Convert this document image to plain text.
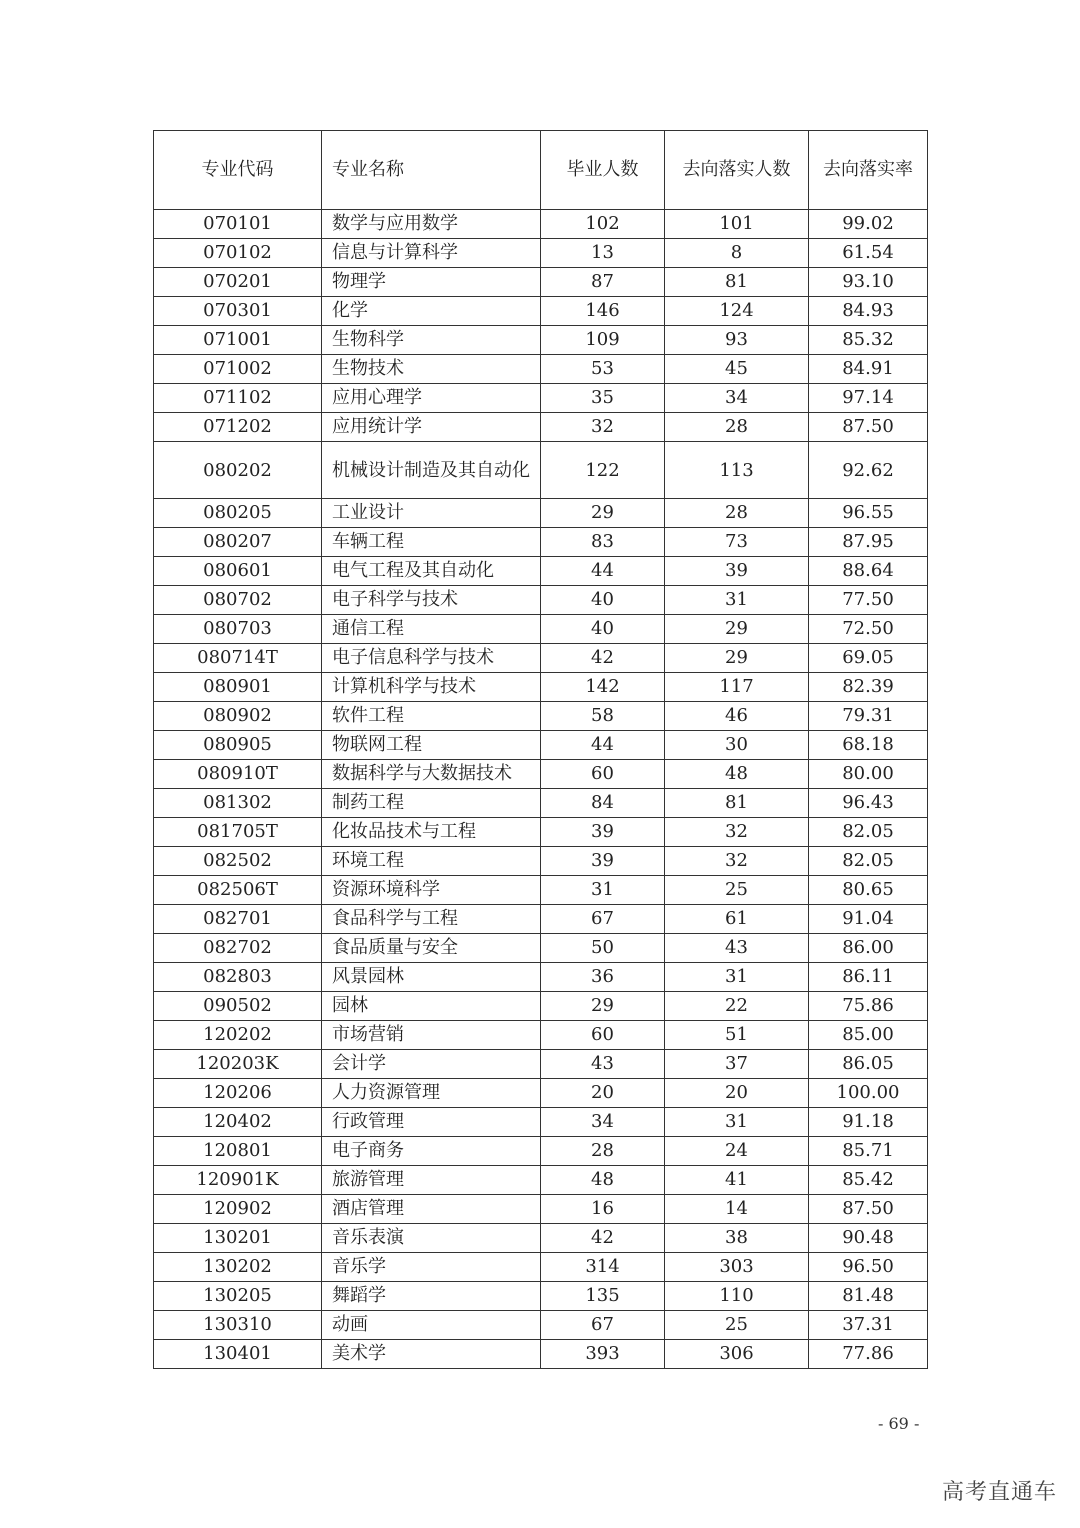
专业代码	专业名称	毕业人数	去向落实人数	去向落实率
070101	数学与应用数学	102	101	99.02
070102	信息与计算科学	13	8	61.54
070201	物理学	87	81	93.10
070301	化学	146	124	84.93
071001	生物科学	109	93	85.32
071002	生物技术	53	45	84.91
071102	应用心理学	35	34	97.14
071202	应用统计学	32	28	87.50
080202	机械设计制造及其自动化	122	113	92.62
080205	工业设计	29	28	96.55
080207	车辆工程	83	73	87.95
080601	电气工程及其自动化	44	39	88.64
080702	电子科学与技术	40	31	77.50
080703	通信工程	40	29	72.50
080714T	电子信息科学与技术	42	29	69.05
080901	计算机科学与技术	142	117	82.39
080902	软件工程	58	46	79.31
080905	物联网工程	44	30	68.18
080910T	数据科学与大数据技术	60	48	80.00
081302	制药工程	84	81	96.43
081705T	化妆品技术与工程	39	32	82.05
082502	环境工程	39	32	82.05
082506T	资源环境科学	31	25	80.65
082701	食品科学与工程	67	61	91.04
082702	食品质量与安全	50	43	86.00
082803	风景园林	36	31	86.11
090502	园林	29	22	75.86
120202	市场营销	60	51	85.00
120203K	会计学	43	37	86.05
120206	人力资源管理	20	20	100.00
120402	行政管理	34	31	91.18
120801	电子商务	28	24	85.71
120901K	旅游管理	48	41	85.42
120902	酒店管理	16	14	87.50
130201	音乐表演	42	38	90.48
130202	音乐学	314	303	96.50
130205	舞蹈学	135	110	81.48
130310	动画	67	25	37.31
130401	美术学	393	306	77.86
- 69 -
高考直通车
